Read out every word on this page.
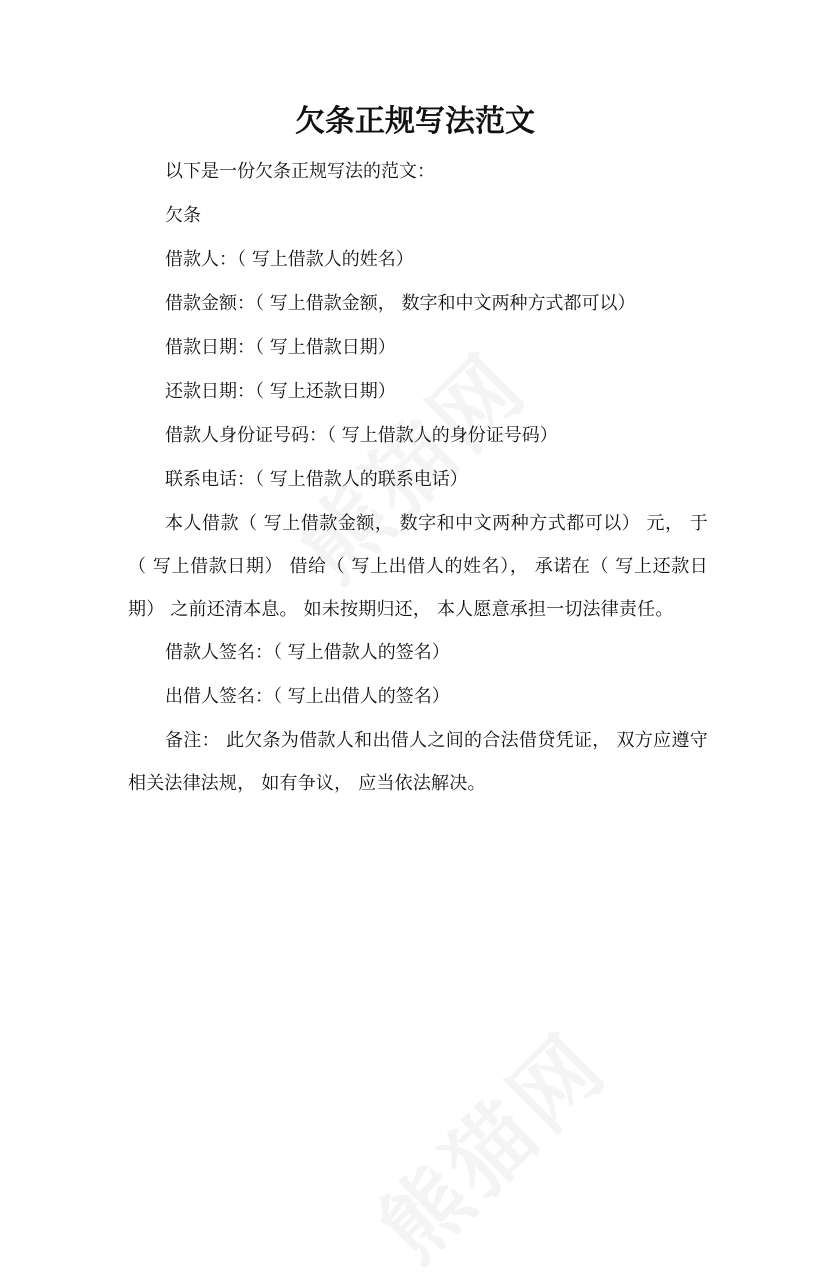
欠条正规写法范文
以下是一份欠条正规写法的范文：
欠条
借款人：（ 写上借款人的姓名）
借款金额：（ 写上借款金额， 数字和中文两种方式都可以）
借款日期：（ 写上借款日期）
还款日期：（ 写上还款日期）
借款人身份证号码：（ 写上借款人的身份证号码）
联系电话：（ 写上借款人的联系电话）
本人借款（ 写上借款金额， 数字和中文两种方式都可以） 元， 于（ 写上借款日期） 借给（ 写上出借人的姓名）， 承诺在（ 写上还款日期） 之前还清本息。 如未按期归还， 本人愿意承担一切法律责任。
借款人签名：（ 写上借款人的签名）
出借人签名：（ 写上出借人的签名）
备注： 此欠条为借款人和出借人之间的合法借贷凭证， 双方应遵守相关法律法规， 如有争议， 应当依法解决。
